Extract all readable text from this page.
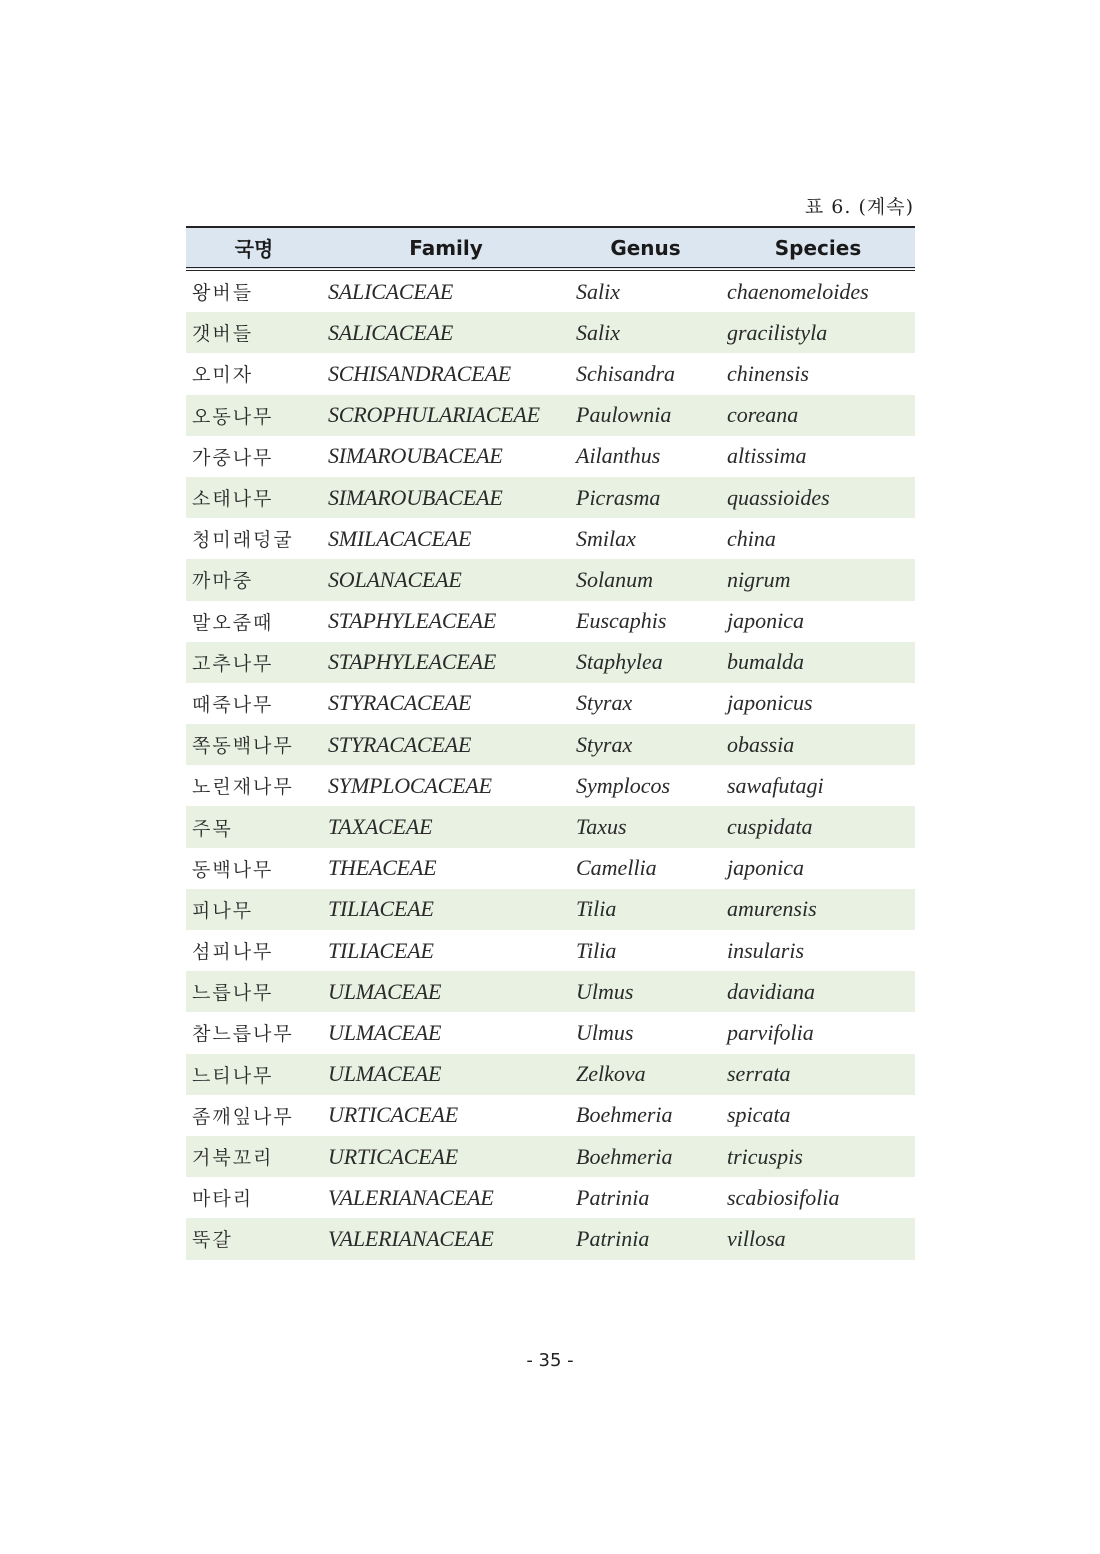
표 6. (계속)
국명	Family	Genus	Species
왕버들	SALICACEAE	Salix	chaenomeloides
갯버들	SALICACEAE	Salix	gracilistyla
오미자	SCHISANDRACEAE	Schisandra	chinensis
오동나무	SCROPHULARIACEAE	Paulownia	coreana
가중나무	SIMAROUBACEAE	Ailanthus	altissima
소태나무	SIMAROUBACEAE	Picrasma	quassioides
청미래덩굴	SMILACACEAE	Smilax	china
까마중	SOLANACEAE	Solanum	nigrum
말오줌때	STAPHYLEACEAE	Euscaphis	japonica
고추나무	STAPHYLEACEAE	Staphylea	bumalda
때죽나무	STYRACACEAE	Styrax	japonicus
쪽동백나무	STYRACACEAE	Styrax	obassia
노린재나무	SYMPLOCACEAE	Symplocos	sawafutagi
주목	TAXACEAE	Taxus	cuspidata
동백나무	THEACEAE	Camellia	japonica
피나무	TILIACEAE	Tilia	amurensis
섬피나무	TILIACEAE	Tilia	insularis
느릅나무	ULMACEAE	Ulmus	davidiana
참느릅나무	ULMACEAE	Ulmus	parvifolia
느티나무	ULMACEAE	Zelkova	serrata
좀깨잎나무	URTICACEAE	Boehmeria	spicata
거북꼬리	URTICACEAE	Boehmeria	tricuspis
마타리	VALERIANACEAE	Patrinia	scabiosifolia
뚝갈	VALERIANACEAE	Patrinia	villosa
- 35 -
